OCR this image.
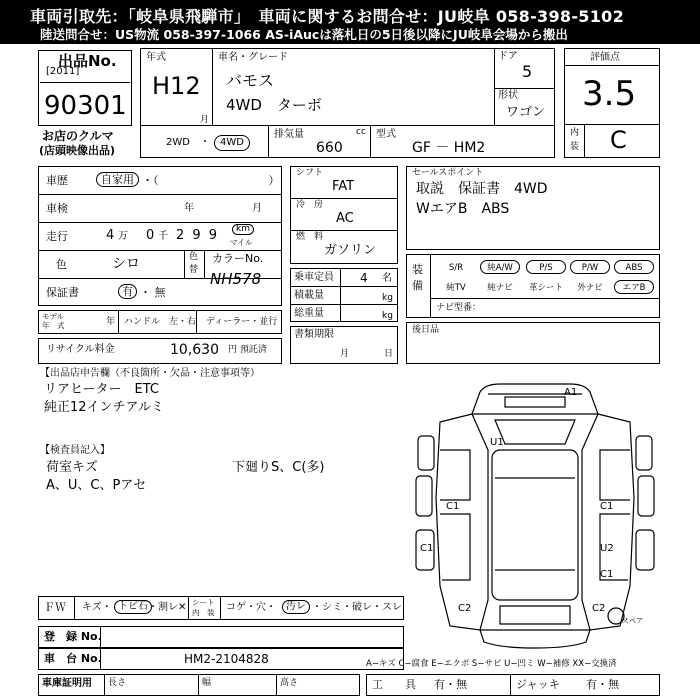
車両引取先：「岐阜県飛騨市」　車両に関するお問合せ：JU岐阜 058-398-5102
陸送問合せ：US物流 058-397-1066 AS-iAucは落札日の5日後以降にJU岐阜会場から搬出
出品No.
[2011]
90301
お店のクルマ
(店頭映像出品)
年式
H12
月
車名・グレード
バモス
4WD　ターボ
ドア
5
形状
ワゴン
2WD　・	4WD
排気量	cc
660
型式
GF － HM2
評価点
3.5
内
装 C
車歴	自家用 ・（　　　　　　　　　　）
車検	年	月
走行	4 万 0 千 2 9 9	km
マイル
色	シロ	色
替
カラーNo.
NH578
保証書	有 ・ 無
モデル
年　式	年 ハンドル　左・右 ディーラー・並行
リサイクル料金	10,630 円 預託済
シフト
FAT
冷　房
AC
燃　料
ガソリン
乗車定員 4 名
積載量	kg
総重量	kg
書類期限
月	日
セールスポイント
取説　保証書　4WD
WエアB　ABS
装
備
S/R	純A/W	P/S	P/W	ABS
純TV	純ナビ	革シート	外ナビ	エアB
ナビ型番：
後日品
【出品店申告欄（不良箇所・欠品・注意事項等）
リアヒーター　ETC
純正12インチアルミ
【検査員記入】
荷室キズ
A、U、C、Pアセ
下廻りS、C(多)
A1
U1
C1	C1
C1
C1
U2
C2	C2
スペア
ＦＷ キズ・ トビ石 ・割レ✕ シート
内　装 コゲ・穴・	汚レ ・シミ・破レ・スレ
登　録 No.
車　台 No.	HM2-2104828
車庫証明用 長さ	幅	高さ
A−キズ C−腐食 E−エクボ S−サビ U−凹ミ W−補修 XX−交換済
工　　具 有・無	ジャッキ 有・無
